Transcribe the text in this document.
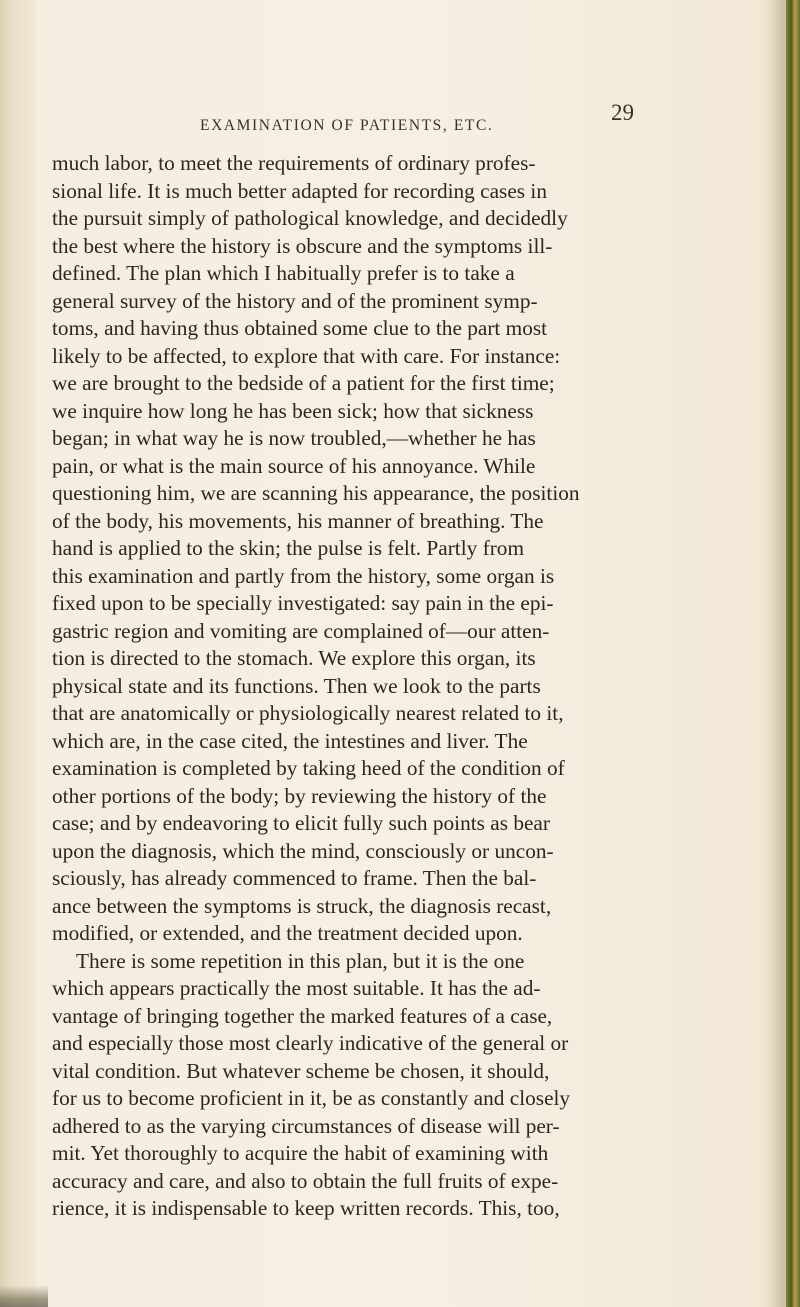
EXAMINATION OF PATIENTS, ETC.
29
much labor, to meet the requirements of ordinary profes-
sional life. It is much better adapted for recording cases in
the pursuit simply of pathological knowledge, and decidedly
the best where the history is obscure and the symptoms ill-
defined. The plan which I habitually prefer is to take a
general survey of the history and of the prominent symp-
toms, and having thus obtained some clue to the part most
likely to be affected, to explore that with care. For instance:
we are brought to the bedside of a patient for the first time;
we inquire how long he has been sick; how that sickness
began; in what way he is now troubled,—whether he has
pain, or what is the main source of his annoyance. While
questioning him, we are scanning his appearance, the position
of the body, his movements, his manner of breathing. The
hand is applied to the skin; the pulse is felt. Partly from
this examination and partly from the history, some organ is
fixed upon to be specially investigated: say pain in the epi-
gastric region and vomiting are complained of—our atten-
tion is directed to the stomach. We explore this organ, its
physical state and its functions. Then we look to the parts
that are anatomically or physiologically nearest related to it,
which are, in the case cited, the intestines and liver. The
examination is completed by taking heed of the condition of
other portions of the body; by reviewing the history of the
case; and by endeavoring to elicit fully such points as bear
upon the diagnosis, which the mind, consciously or uncon-
sciously, has already commenced to frame. Then the bal-
ance between the symptoms is struck, the diagnosis recast,
modified, or extended, and the treatment decided upon.
There is some repetition in this plan, but it is the one
which appears practically the most suitable. It has the ad-
vantage of bringing together the marked features of a case,
and especially those most clearly indicative of the general or
vital condition. But whatever scheme be chosen, it should,
for us to become proficient in it, be as constantly and closely
adhered to as the varying circumstances of disease will per-
mit. Yet thoroughly to acquire the habit of examining with
accuracy and care, and also to obtain the full fruits of expe-
rience, it is indispensable to keep written records. This, too,
